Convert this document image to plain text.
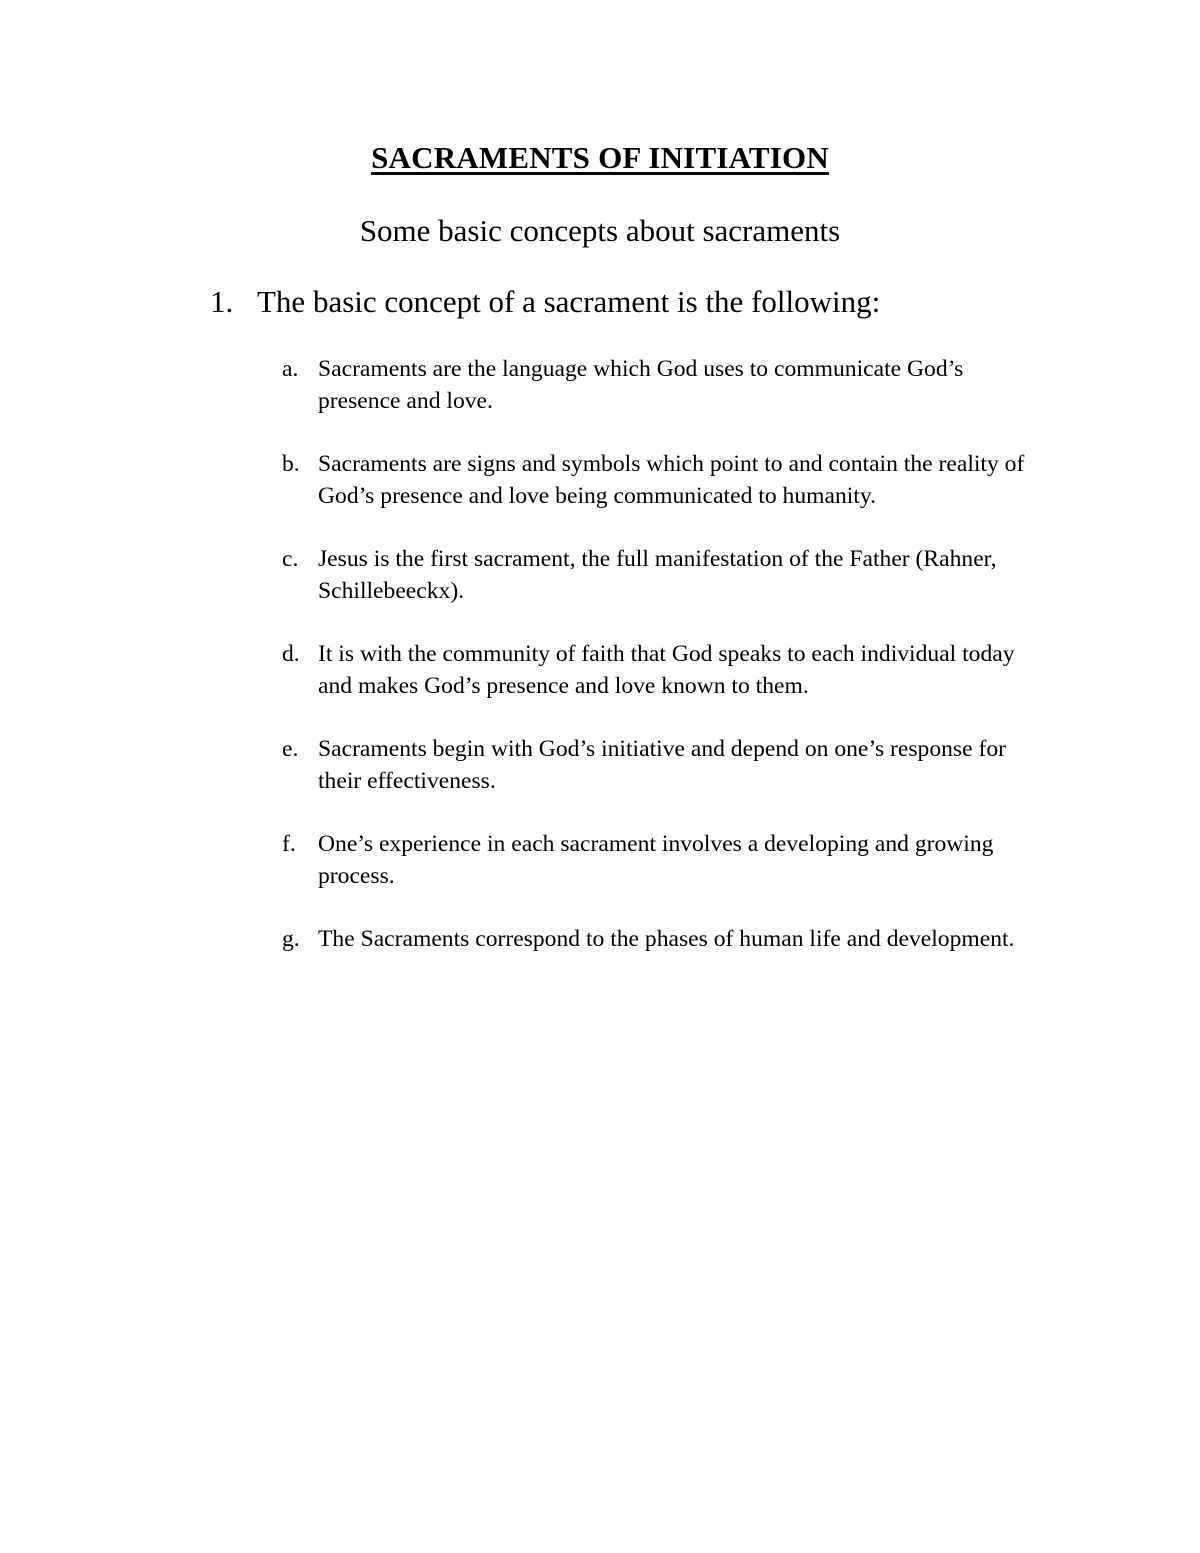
SACRAMENTS OF INITIATION

Some basic concepts about sacraments

1. The basic concept of a sacrament is the following:

a. Sacraments are the language which God uses to communicate God’s presence and love.
b. Sacraments are signs and symbols which point to and contain the reality of God’s presence and love being communicated to humanity.
c. Jesus is the first sacrament, the full manifestation of the Father (Rahner, Schillebeeckx).
d. It is with the community of faith that God speaks to each individual today and makes God’s presence and love known to them.
e. Sacraments begin with God’s initiative and depend on one’s response for their effectiveness.
f. One’s experience in each sacrament involves a developing and growing process.
g. The Sacraments correspond to the phases of human life and development.
